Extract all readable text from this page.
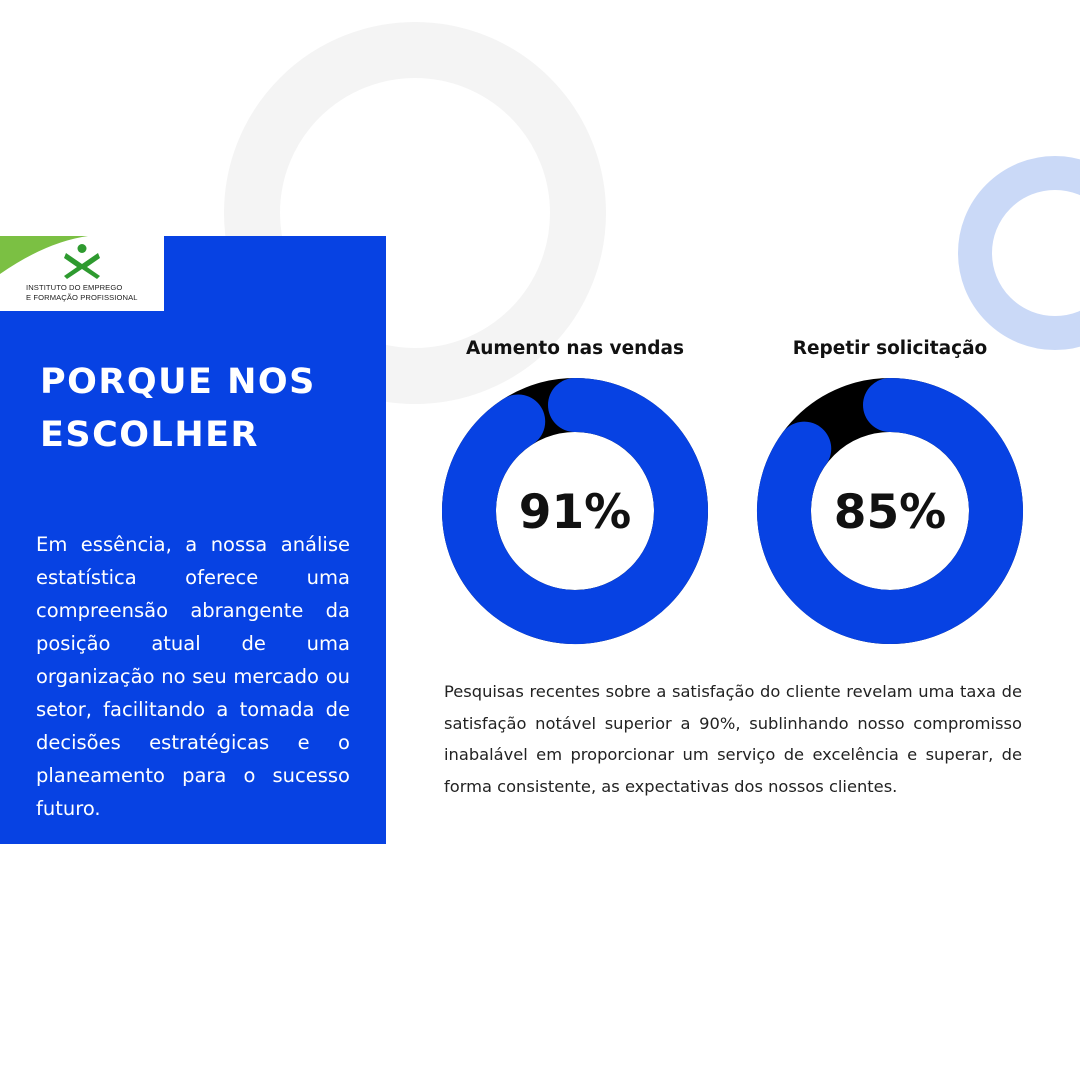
INSTITUTO DO EMPREGO
E FORMAÇÃO PROFISSIONAL
PORQUE NOS ESCOLHER

Em essência, a nossa análise estatística oferece uma compreensão abrangente da posição atual de uma organização no seu mercado ou setor, facilitando a tomada de decisões estratégicas e o planeamento para o sucesso futuro.

Aumento nas vendas
91%
Repetir solicitação
85%

Pesquisas recentes sobre a satisfação do cliente revelam uma taxa de satisfação notável superior a 90%, sublinhando nosso compromisso inabalável em proporcionar um serviço de excelência e superar, de forma consistente, as expectativas dos nossos clientes.
